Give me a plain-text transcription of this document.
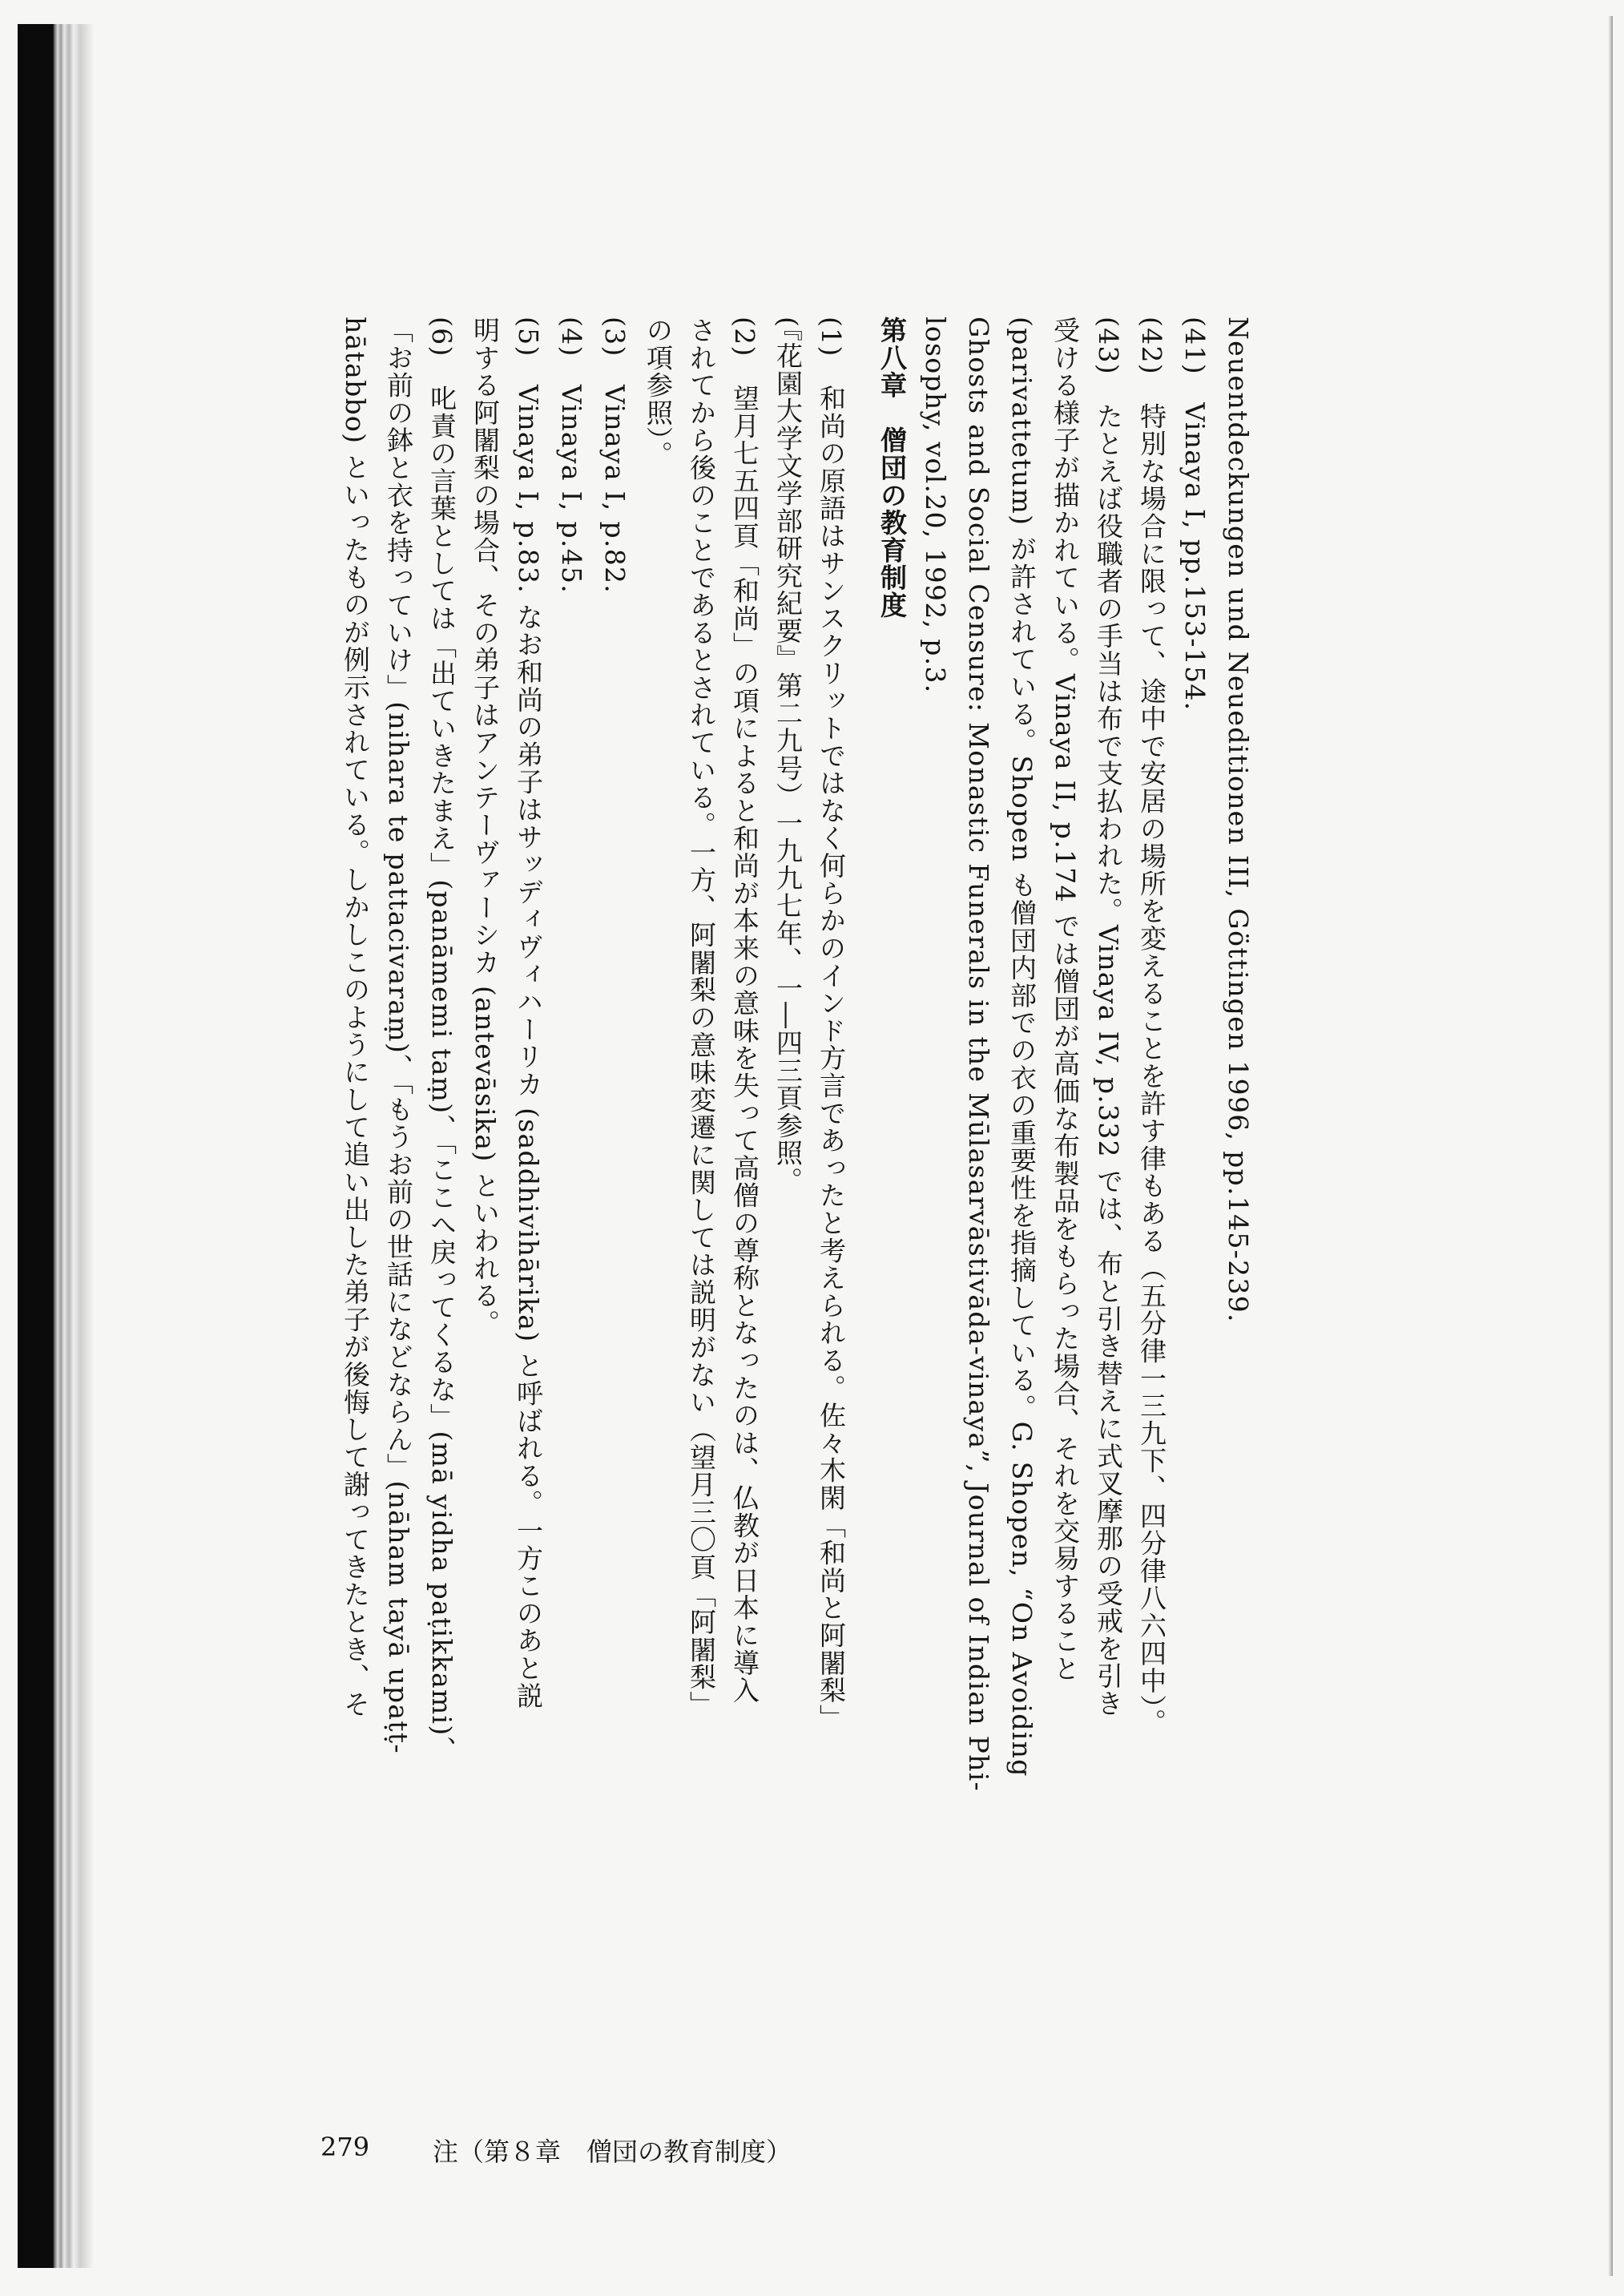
Neuentdeckungen und Neueditionen III, Göttingen 1996, pp.145-239.
(41)　Vinaya I, pp.153-154.
(42)　特別な場合に限って、途中で安居の場所を変えることを許す律もある（五分律一三九下、四分律八六四中）。
(43)　たとえば役職者の手当は布で支払われた。Vinaya IV, p.332 では、布と引き替えに式叉摩那の受戒を引き
受ける様子が描かれている。Vinaya II, p.174 では僧団が高価な布製品をもらった場合、それを交易すること
(parivattetum) が許されている。Shopen も僧団内部での衣の重要性を指摘している。G. Shopen, “On Avoiding
Ghosts and Social Censure: Monastic Funerals in the Mūlasarvāstivāda-vinaya”, Journal of Indian Phi-
losophy, vol.20, 1992, p.3.
第八章　僧団の教育制度
(1)　和尚の原語はサンスクリットではなく何らかのインド方言であったと考えられる。佐々木閑「和尚と阿闍梨」
(『花園大学文学部研究紀要』第二九号）一九九七年、一―四三頁参照。
(2)　望月七五四頁「和尚」の項によると和尚が本来の意味を失って高僧の尊称となったのは、仏教が日本に導入
されてから後のことであるとされている。一方、阿闍梨の意味変遷に関しては説明がない（望月三〇頁「阿闍梨」
の項参照）。
(3)　Vinaya I, p.82.
(4)　Vinaya I, p.45.
(5)　Vinaya I, p.83. なお和尚の弟子はサッディヴィハーリカ (saddhivihārika) と呼ばれる。一方このあと説
明する阿闍梨の場合、その弟子はアンテーヴァーシカ (antevāsika) といわれる。
(6)　叱責の言葉としては「出ていきたまえ」(panāmemi taṃ)、「ここへ戻ってくるな」(mā yidha paṭikkami)、
「お前の鉢と衣を持っていけ」(nihara te pattacivaraṃ)、「もうお前の世話になどならん」(nāham tayā upaṭṭ-
hātabbo) といったものが例示されている。しかしこのようにして追い出した弟子が後悔して謝ってきたとき、そ
279 注（第８章　僧団の教育制度）
